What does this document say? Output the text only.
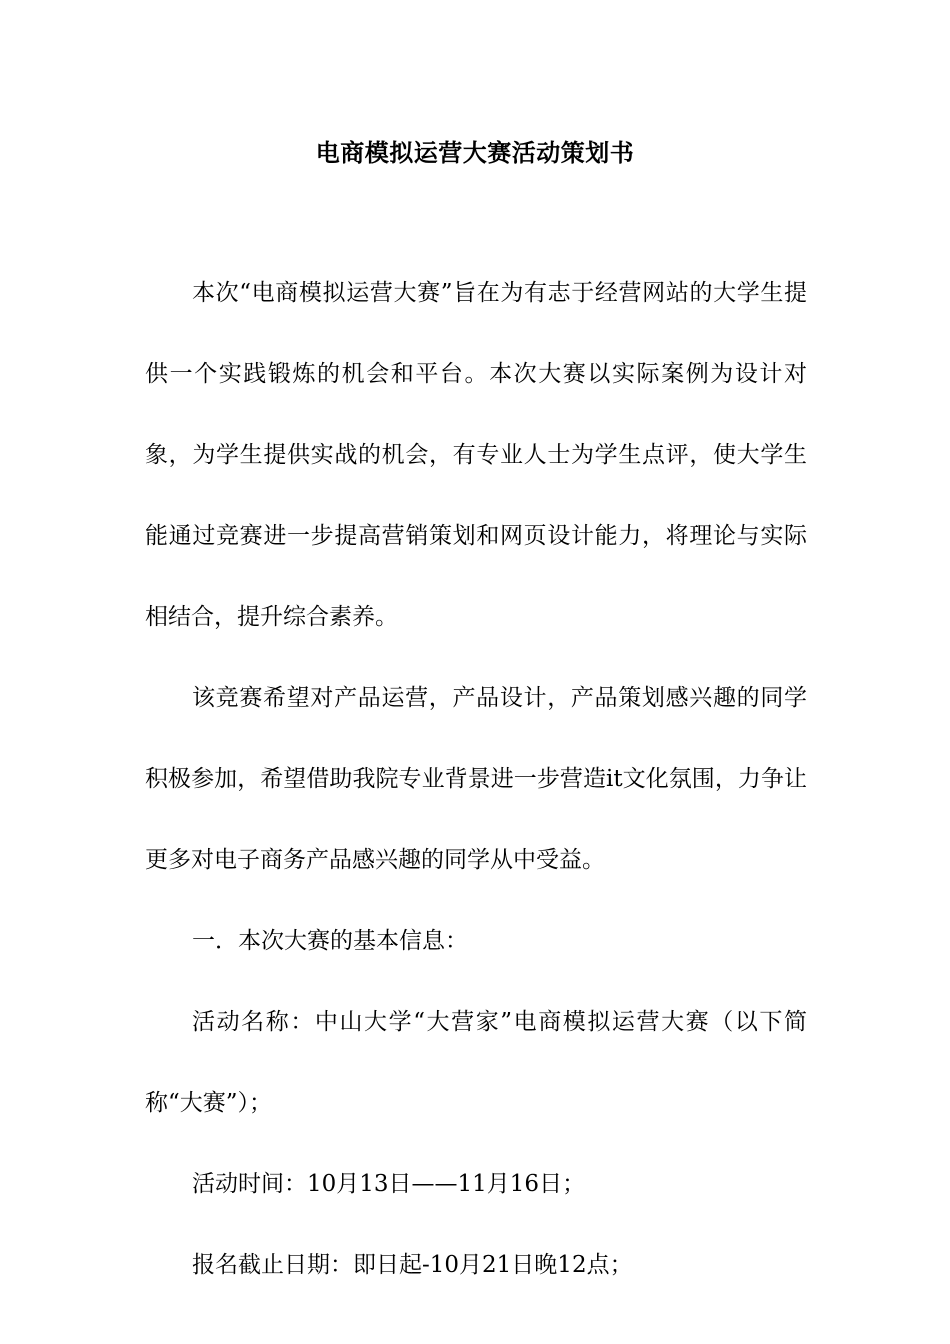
电商模拟运营大赛活动策划书

本次“电商模拟运营大赛”旨在为有志于经营网站的大学生提供一个实践锻炼的机会和平台。本次大赛以实际案例为设计对象，为学生提供实战的机会，有专业人士为学生点评，使大学生能通过竞赛进一步提高营销策划和网页设计能力，将理论与实际相结合，提升综合素养。

该竞赛希望对产品运营，产品设计，产品策划感兴趣的同学积极参加，希望借助我院专业背景进一步营造it文化氛围，力争让更多对电子商务产品感兴趣的同学从中受益。

一．本次大赛的基本信息：

活动名称：中山大学“大营家”电商模拟运营大赛（以下简称“大赛”）；

活动时间：10月13日——11月16日；

报名截止日期：即日起-10月21日晚12点；
